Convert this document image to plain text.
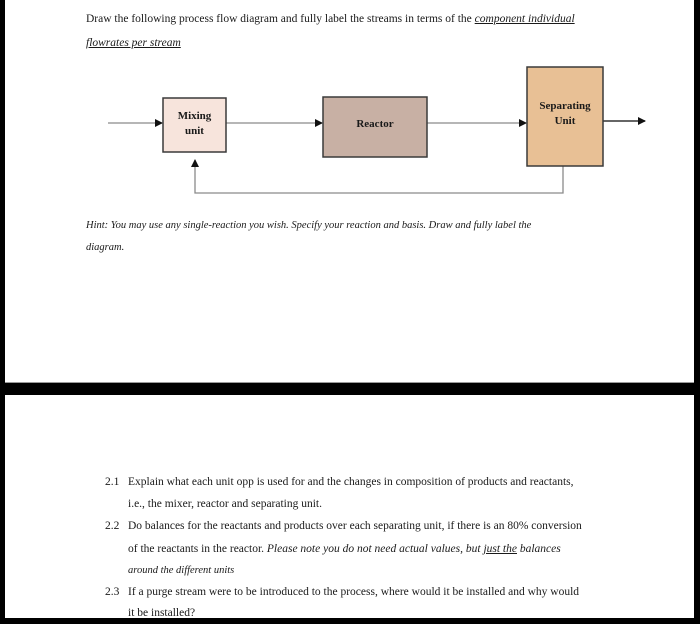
Draw the following process flow diagram and fully label the streams in terms of the component individual
flowrates per stream
Mixing
unit
Reactor
Separating
Unit
Hint: You may use any single-reaction you wish. Specify your reaction and basis. Draw and fully label the
diagram.
2.1 Explain what each unit opp is used for and the changes in composition of products and reactants,
i.e., the mixer, reactor and separating unit.
2.2 Do balances for the reactants and products over each separating unit, if there is an 80% conversion
of the reactants in the reactor. Please note you do not need actual values, but just the balances
around the different units
2.3 If a purge stream were to be introduced to the process, where would it be installed and why would
it be installed?
